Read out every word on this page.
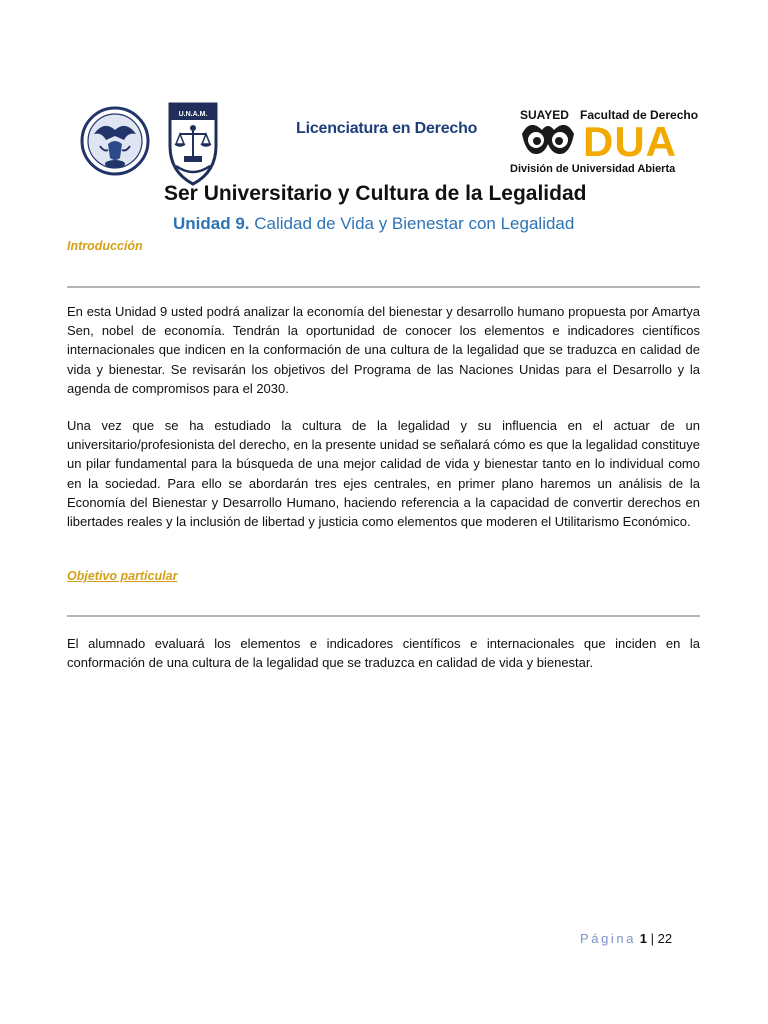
U.N.A.M.
Licenciatura en Derecho
SUAYED Facultad de Derecho
DUA
División de Universidad Abierta
Ser Universitario y Cultura de la Legalidad
Unidad 9. Calidad de Vida y Bienestar con Legalidad
Introducción
En esta Unidad 9 usted podrá analizar la economía del bienestar y desarrollo humano propuesta por Amartya Sen, nobel de economía. Tendrán la oportunidad de conocer los elementos e indicadores científicos internacionales que indicen en la conformación de una cultura de la legalidad que se traduzca en calidad de vida y bienestar. Se revisarán los objetivos del Programa de las Naciones Unidas para el Desarrollo y la agenda de compromisos para el 2030.
Una vez que se ha estudiado la cultura de la legalidad y su influencia en el actuar de un universitario/profesionista del derecho, en la presente unidad se señalará cómo es que la legalidad constituye un pilar fundamental para la búsqueda de una mejor calidad de vida y bienestar tanto en lo individual como en la sociedad. Para ello se abordarán tres ejes centrales, en primer plano haremos un análisis de la Economía del Bienestar y Desarrollo Humano, haciendo referencia a la capacidad de convertir derechos en libertades reales y la inclusión de libertad y justicia como elementos que moderen el Utilitarismo Económico.
Objetivo particular
El alumnado evaluará los elementos e indicadores científicos e internacionales que inciden en la conformación de una cultura de la legalidad que se traduzca en calidad de vida y bienestar.
Página 1 | 22
